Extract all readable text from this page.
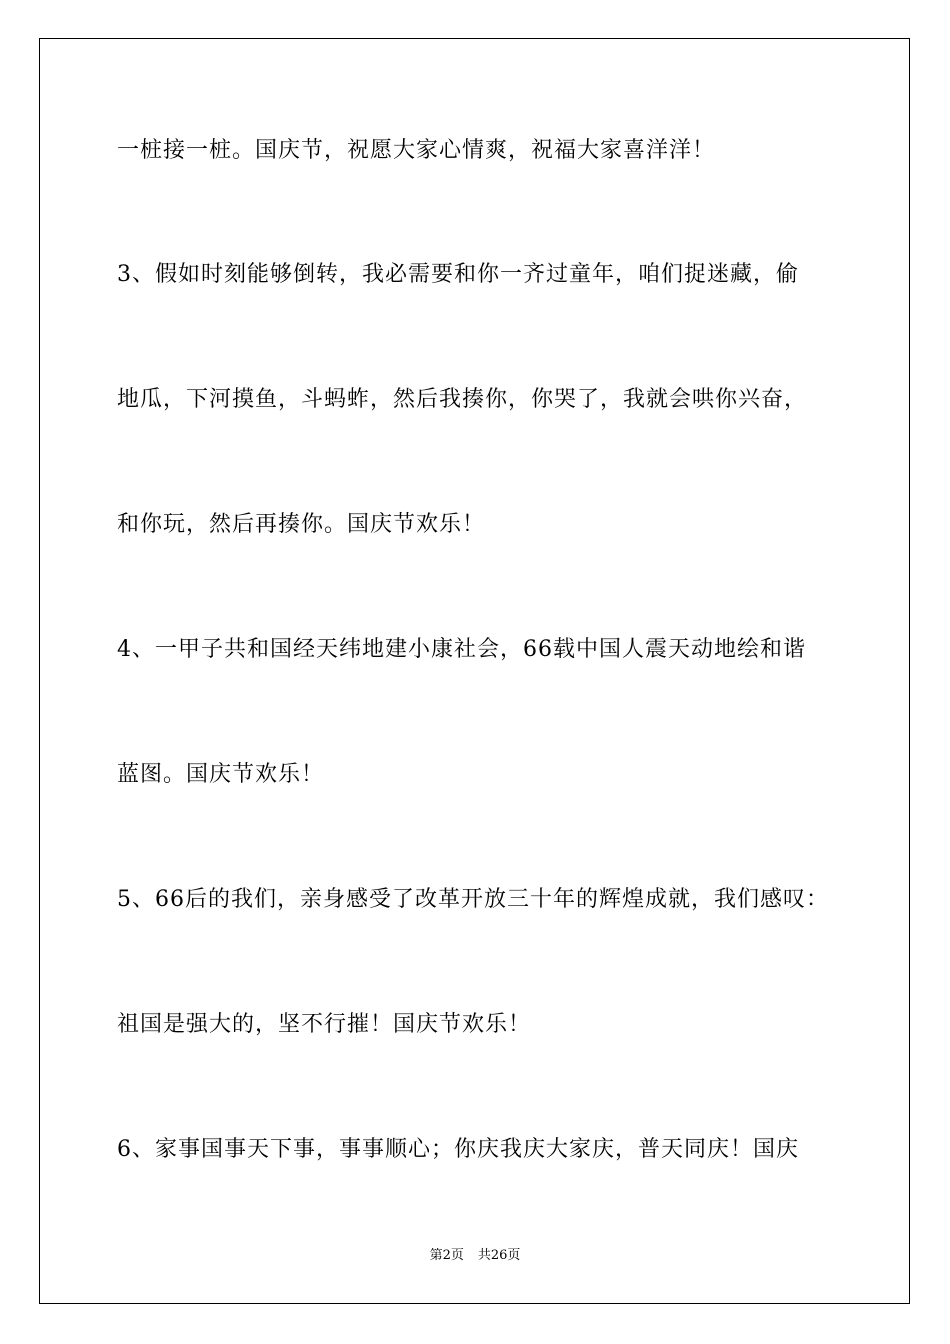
一桩接一桩。国庆节，祝愿大家心情爽，祝福大家喜洋洋！
3、假如时刻能够倒转，我必需要和你一齐过童年，咱们捉迷藏，偷
地瓜，下河摸鱼，斗蚂蚱，然后我揍你，你哭了，我就会哄你兴奋，
和你玩，然后再揍你。国庆节欢乐！
4、一甲子共和国经天纬地建小康社会，66载中国人震天动地绘和谐
蓝图。国庆节欢乐！
5、66后的我们，亲身感受了改革开放三十年的辉煌成就，我们感叹：
祖国是强大的，坚不行摧！国庆节欢乐！
6、家事国事天下事，事事顺心；你庆我庆大家庆，普天同庆！国庆
第2页 共26页
